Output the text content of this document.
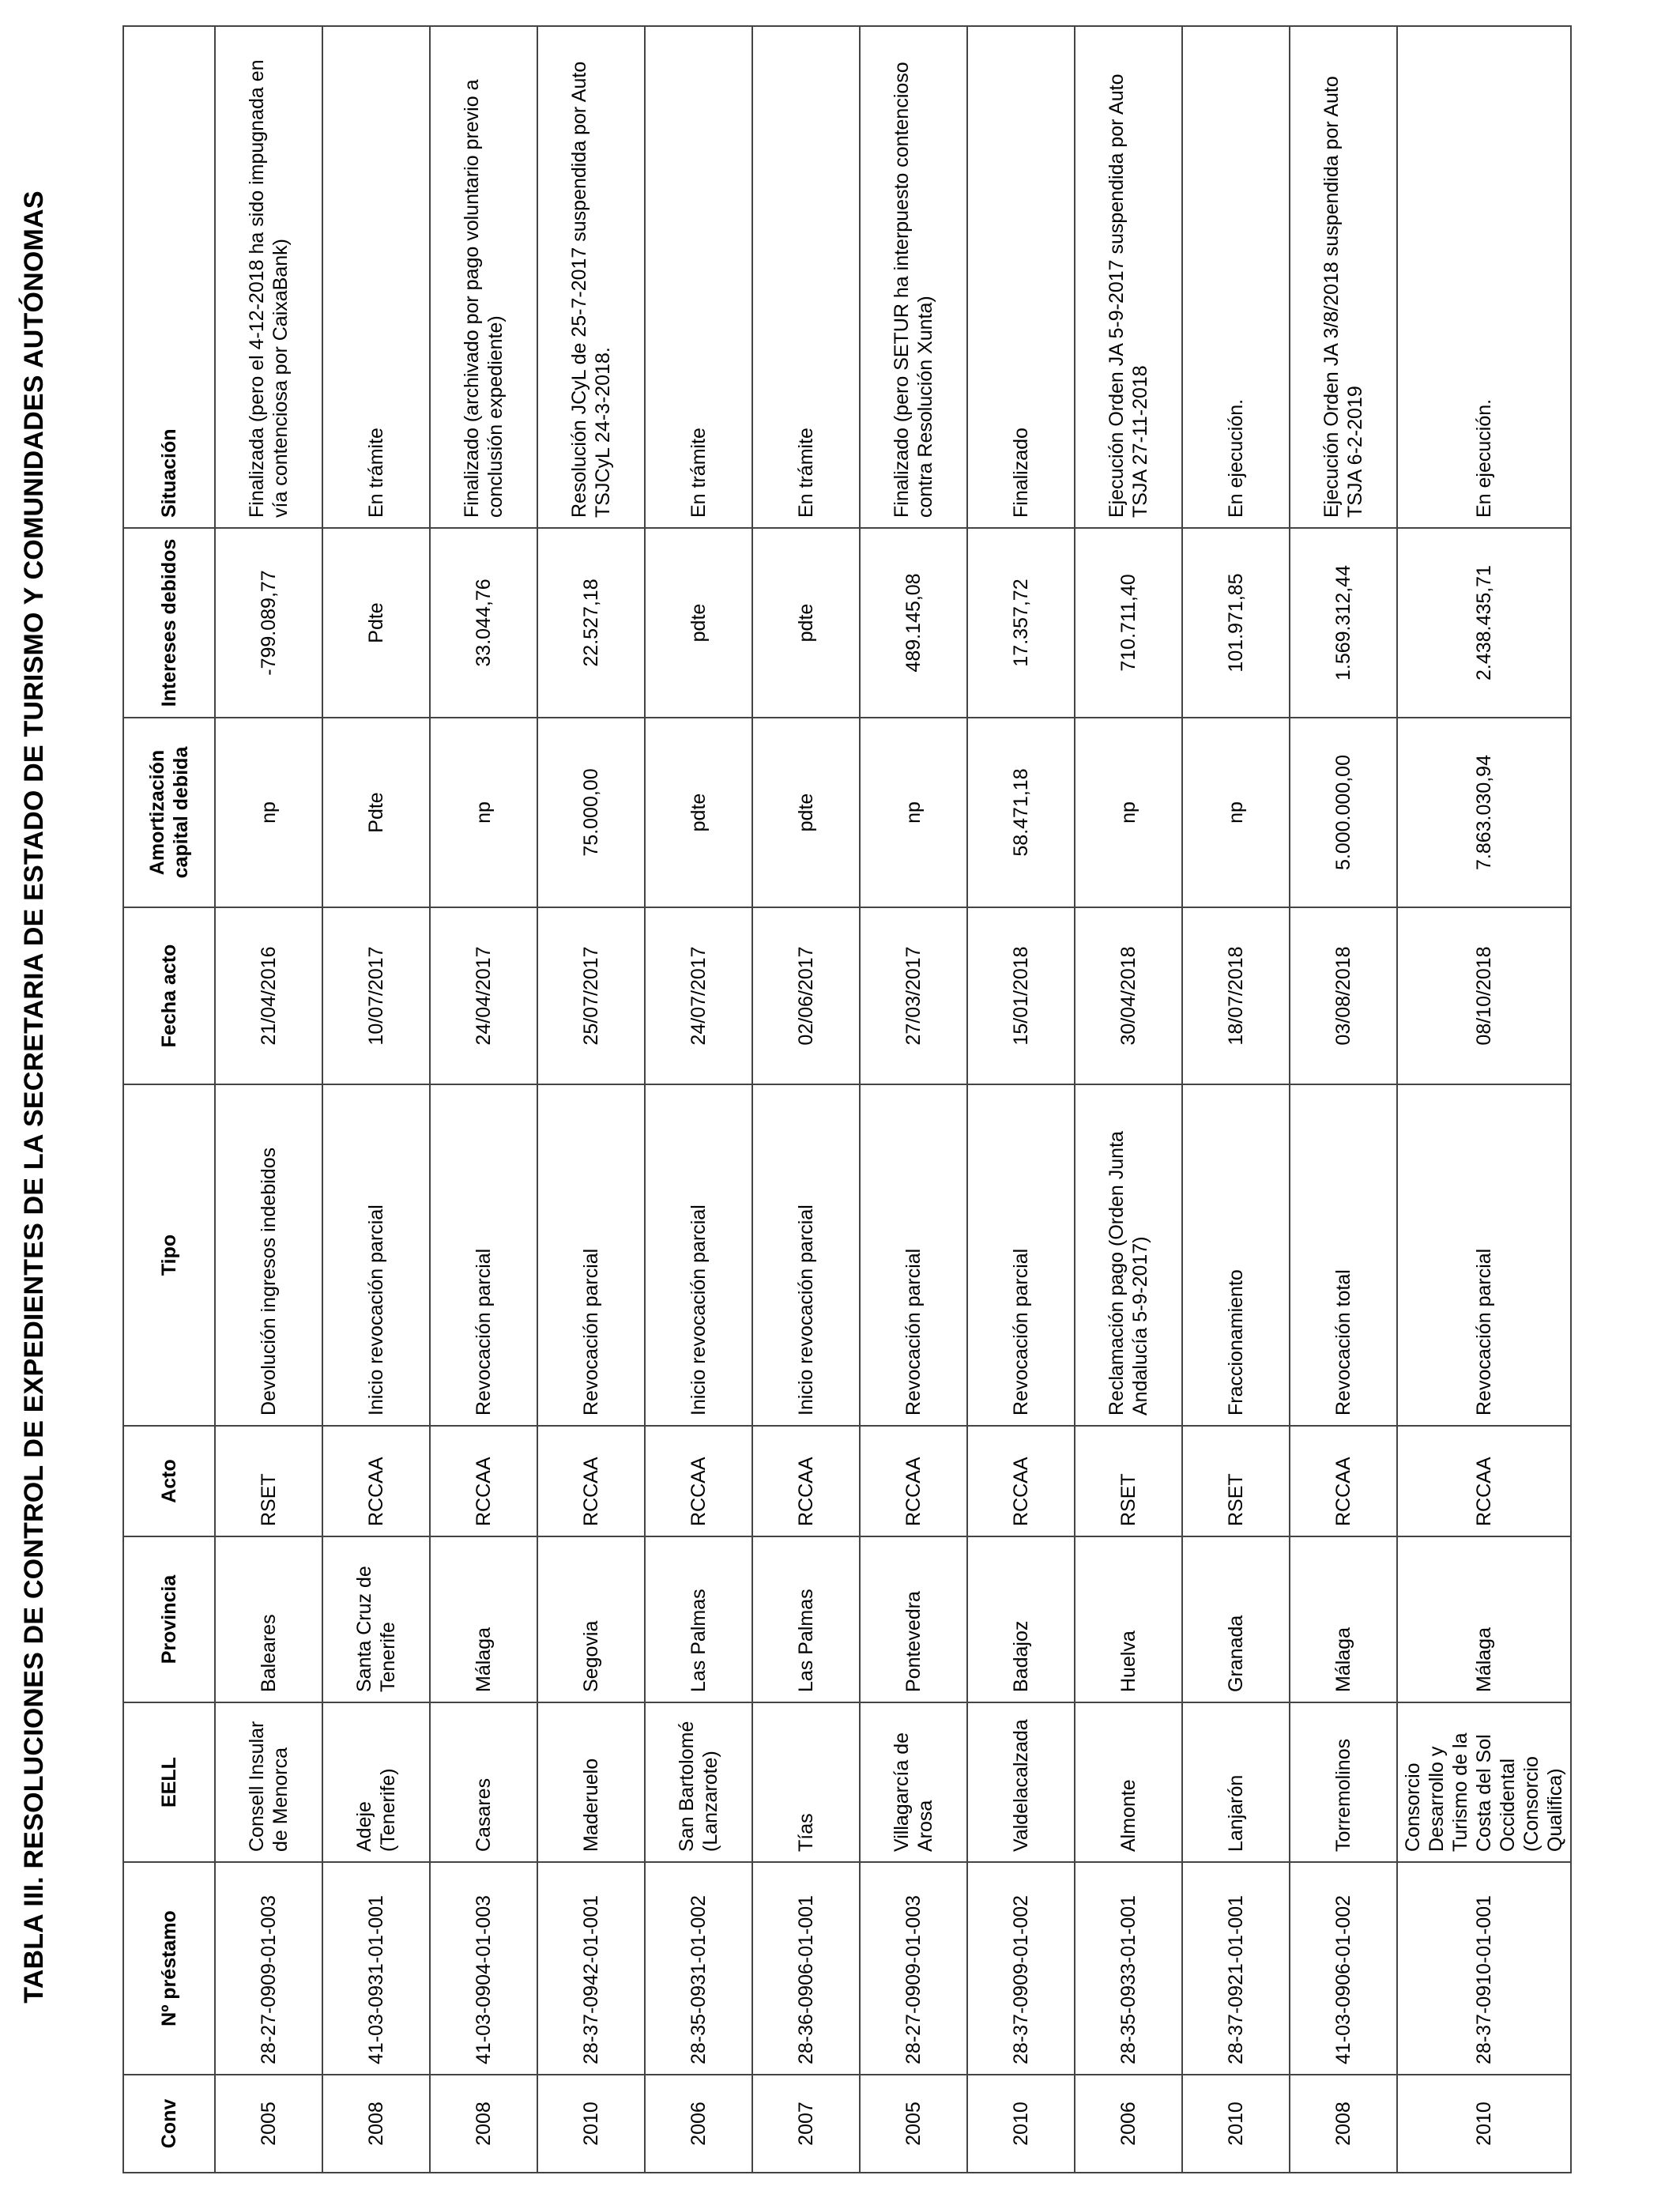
TABLA III. RESOLUCIONES DE CONTROL DE EXPEDIENTES DE LA SECRETARIA DE ESTADO DE TURISMO Y COMUNIDADES AUTÓNOMAS
Conv	Nº préstamo	EELL	Provincia	Acto	Tipo	Fecha acto	Amortización capital debida	Intereses debidos	Situación
2005	28-27-0909-01-003	Consell Insular de Menorca	Baleares	RSET	Devolución ingresos indebidos	21/04/2016	np	-799.089,77	Finalizada (pero el 4-12-2018 ha sido impugnada en vía contenciosa por CaixaBank)
2008	41-03-0931-01-001	Adeje (Tenerife)	Santa Cruz de Tenerife	RCCAA	Inicio revocación parcial	10/07/2017	Pdte	Pdte	En trámite
2008	41-03-0904-01-003	Casares	Málaga	RCCAA	Revocación parcial	24/04/2017	np	33.044,76	Finalizado (archivado por pago voluntario previo a conclusión expediente)
2010	28-37-0942-01-001	Maderuelo	Segovia	RCCAA	Revocación parcial	25/07/2017	75.000,00	22.527,18	Resolución JCyL de 25-7-2017 suspendida por Auto TSJCyL 24-3-2018.
2006	28-35-0931-01-002	San Bartolomé (Lanzarote)	Las Palmas	RCCAA	Inicio revocación parcial	24/07/2017	pdte	pdte	En trámite
2007	28-36-0906-01-001	Tías	Las Palmas	RCCAA	Inicio revocación parcial	02/06/2017	pdte	pdte	En trámite
2005	28-27-0909-01-003	Villagarcía de Arosa	Pontevedra	RCCAA	Revocación parcial	27/03/2017	np	489.145,08	Finalizado (pero SETUR ha interpuesto contencioso contra Resolución Xunta)
2010	28-37-0909-01-002	Valdelacalzada	Badajoz	RCCAA	Revocación parcial	15/01/2018	58.471,18	17.357,72	Finalizado
2006	28-35-0933-01-001	Almonte	Huelva	RSET	Reclamación pago (Orden Junta Andalucía 5-9-2017)	30/04/2018	np	710.711,40	Ejecución Orden JA 5-9-2017 suspendida por Auto TSJA 27-11-2018
2010	28-37-0921-01-001	Lanjarón	Granada	RSET	Fraccionamiento	18/07/2018	np	101.971,85	En ejecución.
2008	41-03-0906-01-002	Torremolinos	Málaga	RCCAA	Revocación total	03/08/2018	5.000.000,00	1.569.312,44	Ejecución Orden JA 3/8/2018 suspendida por Auto TSJA 6-2-2019
2010	28-37-0910-01-001	Consorcio Desarrollo y Turismo de la Costa del Sol Occidental (Consorcio Qualifica)	Málaga	RCCAA	Revocación parcial	08/10/2018	7.863.030,94	2.438.435,71	En ejecución.
